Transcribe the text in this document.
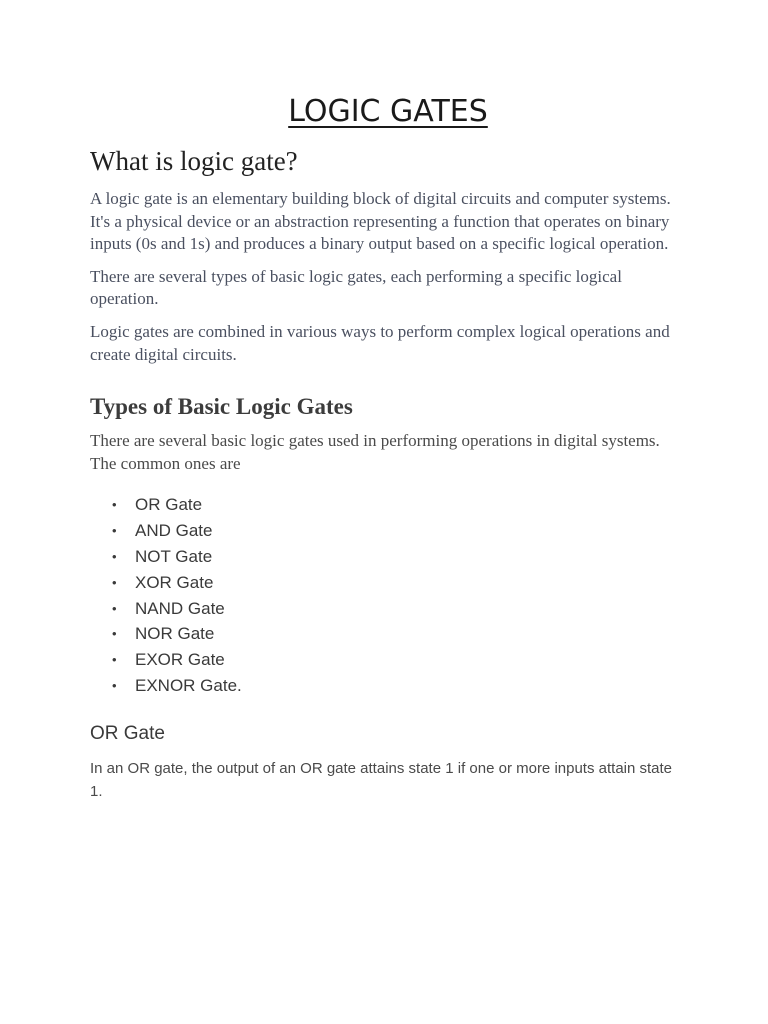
LOGIC GATES
What is logic gate?

A logic gate is an elementary building block of digital circuits and computer systems. It's a physical device or an abstraction representing a function that operates on binary inputs (0s and 1s) and produces a binary output based on a specific logical operation.

There are several types of basic logic gates, each performing a specific logical operation.

Logic gates are combined in various ways to perform complex logical operations and create digital circuits.

Types of Basic Logic Gates

There are several basic logic gates used in performing operations in digital systems. The common ones are

• OR Gate
• AND Gate
• NOT Gate
• XOR Gate
• NAND Gate
• NOR Gate
• EXOR Gate
• EXNOR Gate.
OR Gate

In an OR gate, the output of an OR gate attains state 1 if one or more inputs attain state 1.
